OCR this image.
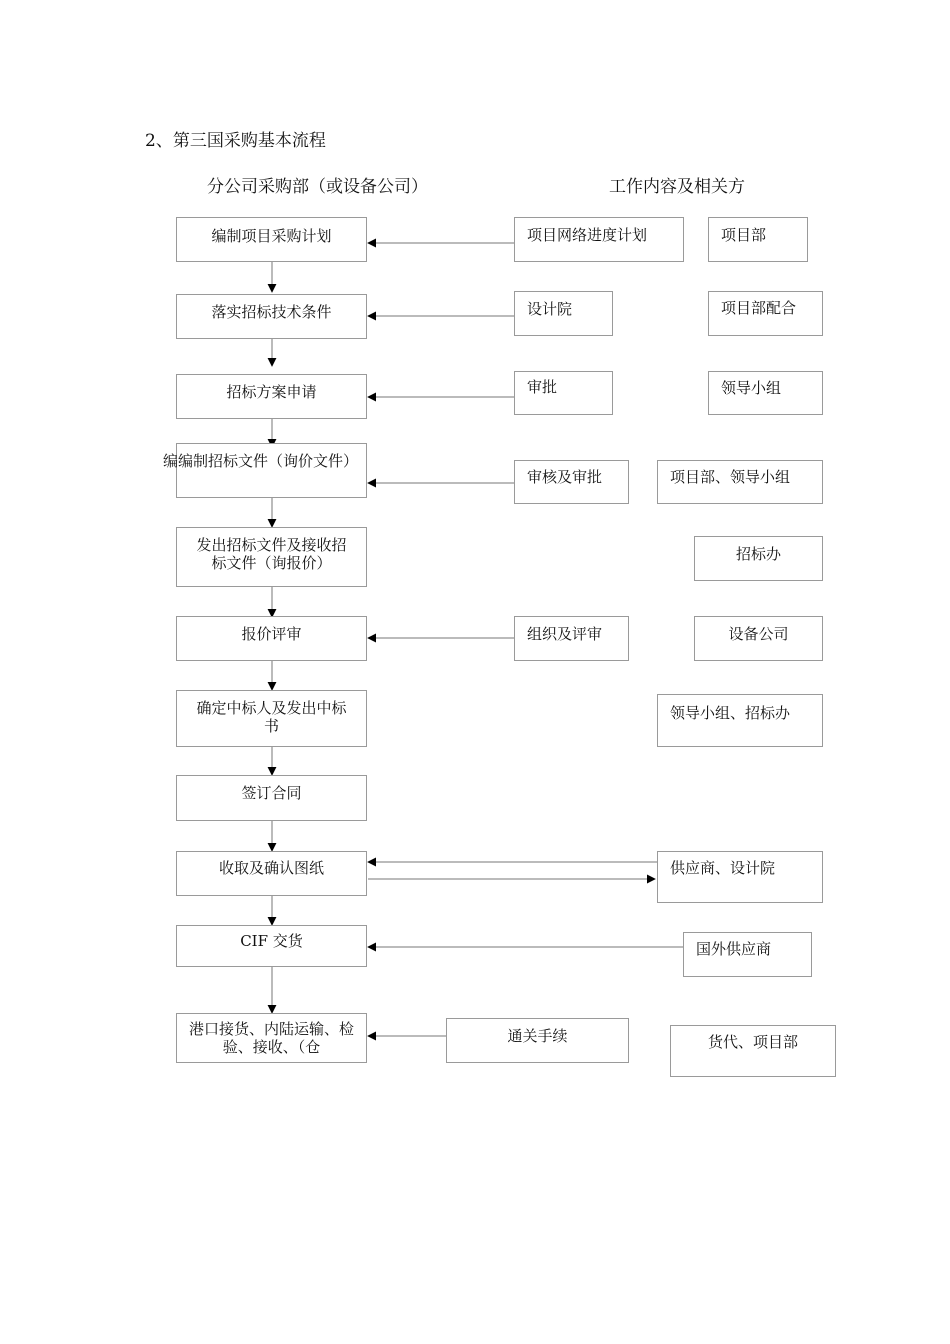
2、第三国采购基本流程
分公司采购部（或设备公司）	工作内容及相关方
编制项目采购计划
落实招标技术条件
招标方案申请
编编制招标文件（询价文件）
发出招标文件及接收招标文件（询报价）
报价评审
确定中标人及发出中标书
签订合同
收取及确认图纸
CIF 交货
港口接货、内陆运输、检验、接收、（仓
项目网络进度计划
设计院
审批
审核及审批
组织及评审
通关手续
项目部
项目部配合
领导小组
项目部、领导小组
招标办
设备公司
领导小组、招标办
供应商、设计院
国外供应商
货代、项目部
